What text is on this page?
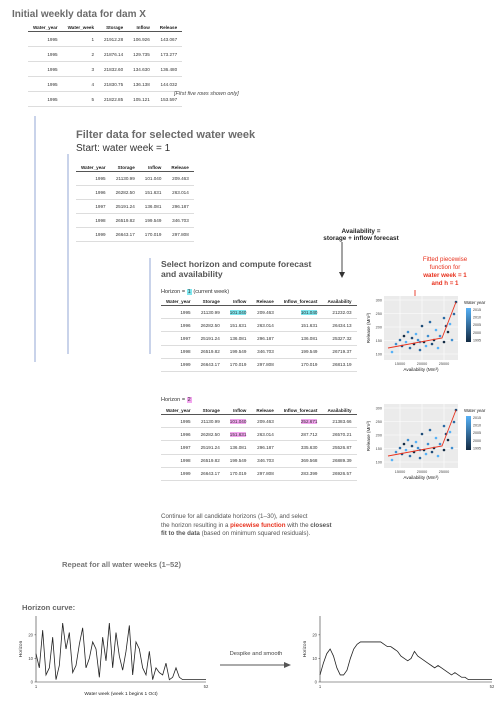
Initial weekly data for dam X
Water_year	Water_week	Storage	Inflow	Release
1995	1	21912.28	106.926	143.067
1995	2	21876.14	129.735	173.277
1995	3	21832.60	134.630	136.480
1995	4	21830.75	136.138	144.032
1995	5	21822.85	105.121	153.597
[First five rows shown only]
Filter data for selected water week
Start: water week = 1
Water_year	Storage	Inflow	Release
1995	21130.99	101.040	209.463
1996	26282.50	151.631	263.014
1997	25191.24	136.081	296.187
1998	26519.82	199.549	346.703
1999	26643.17	170.019	297.808	Availability =
storage + inflow forecast
Select horizon and compute forecast
and availability
Fitted piecewise
function for
water week = 1
and h = 1
Horizon = 1 (current week)
Water_year	Storage	Inflow	Release	Inflow_forecast	Availability
1995	21130.99	101.040	209.463	101.040	21232.03
1996	26282.50	151.631	263.014	151.631	26434.13
1997	25191.24	136.081	296.187	136.081	25327.32
1998	26519.82	199.549	346.703	199.549	26719.37
1999	26643.17	170.019	297.808	170.019	26813.19
Horizon = 2
Water_year	Storage	Inflow	Release	Inflow_forecast	Availability
1995	21130.99	101.040	209.463	252.671	21383.66
1996	26282.50	151.631	263.014	287.712	26570.21
1997	25191.24	136.081	296.187	335.630	25526.87
1998	26519.82	199.549	346.703	369.568	26889.39
1999	26643.17	170.019	297.808	283.399	26926.57
100
150
200
250
300
15000	20000	25000
Availability (Mm³)
Release (Mm³)
Water year
2015
2010
2005
2000
1995
100
150
200
250
300
15000	20000	25000
Availability (Mm³)
Release (Mm³)
Water year
2015
2010
2005
2000
1995
Continue for all candidate horizons (1–30), and select
the horizon resulting in a piecewise function with the closest
fit to the data (based on minimum squared residuals).
Repeat for all water weeks (1–52)
Horizon curve:
0
10
20
1	52
Water week (week 1 begins 1 Oct)
Horizon
0
10
20
1	52
Horizon
Despike and smooth
